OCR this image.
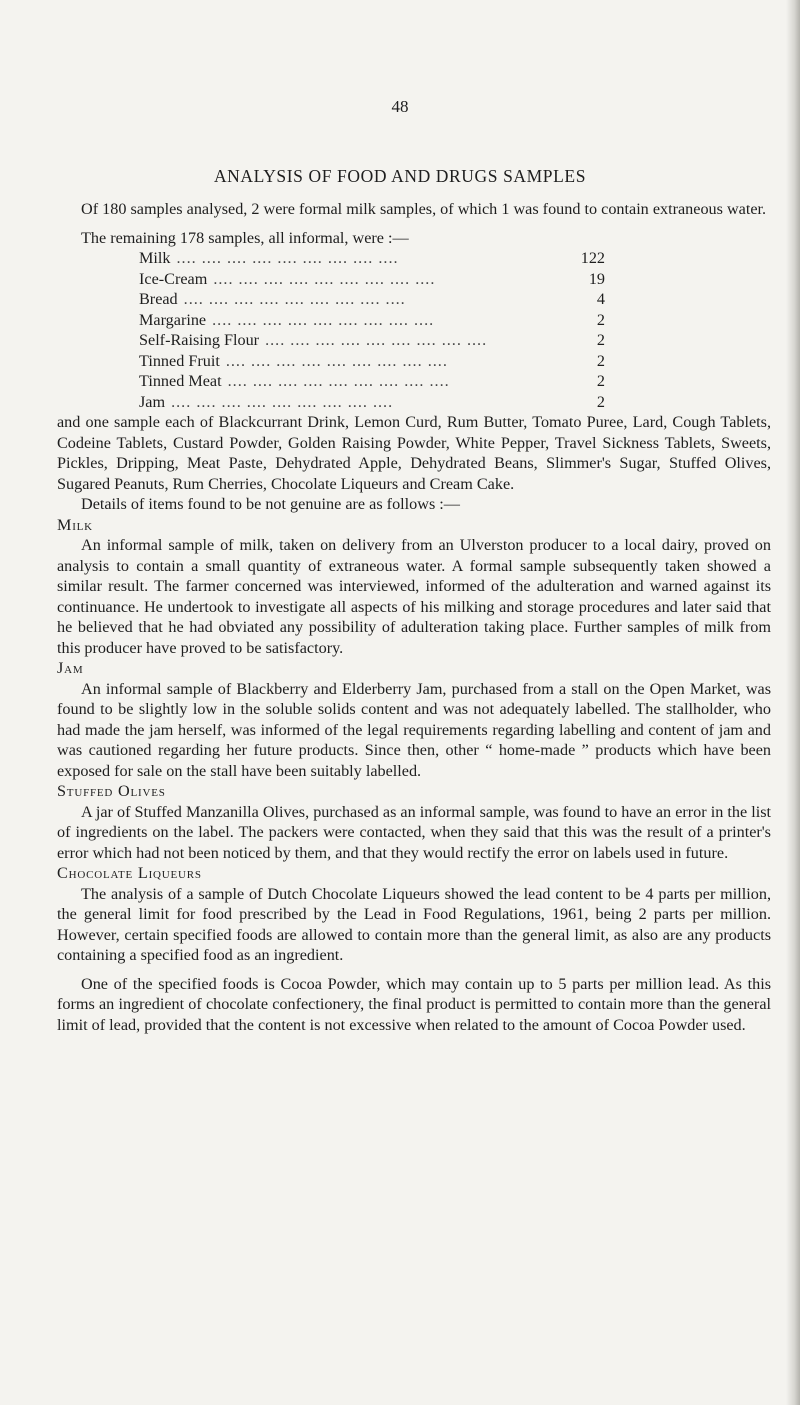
48
ANALYSIS OF FOOD AND DRUGS SAMPLES

Of 180 samples analysed, 2 were formal milk samples, of which 1 was found to contain extraneous water.

The remaining 178 samples, all informal, were :—

Milk .... .... .... .... .... .... .... .... ....	122
Ice-Cream .... .... .... .... .... .... .... .... ....	19
Bread .... .... .... .... .... .... .... .... ....	4
Margarine .... .... .... .... .... .... .... .... ....	2
Self-Raising Flour .... .... .... .... .... .... .... .... ....	2
Tinned Fruit .... .... .... .... .... .... .... .... ....	2
Tinned Meat .... .... .... .... .... .... .... .... ....	2
Jam .... .... .... .... .... .... .... .... ....	2

and one sample each of Blackcurrant Drink, Lemon Curd, Rum Butter, Tomato Puree, Lard, Cough Tablets, Codeine Tablets, Custard Powder, Golden Raising Powder, White Pepper, Travel Sickness Tablets, Sweets, Pickles, Dripping, Meat Paste, Dehydrated Apple, Dehydrated Beans, Slimmer's Sugar, Stuffed Olives, Sugared Peanuts, Rum Cherries, Chocolate Liqueurs and Cream Cake.

Details of items found to be not genuine are as follows :—

Milk

An informal sample of milk, taken on delivery from an Ulverston producer to a local dairy, proved on analysis to contain a small quantity of extraneous water. A formal sample subsequently taken showed a similar result. The farmer concerned was interviewed, informed of the adulteration and warned against its continuance. He undertook to investigate all aspects of his milking and storage procedures and later said that he believed that he had obviated any possibility of adulteration taking place. Further samples of milk from this producer have proved to be satisfactory.

Jam

An informal sample of Blackberry and Elderberry Jam, purchased from a stall on the Open Market, was found to be slightly low in the soluble solids content and was not adequately labelled. The stallholder, who had made the jam herself, was informed of the legal requirements regarding labelling and content of jam and was cautioned regarding her future products. Since then, other “ home-made ” products which have been exposed for sale on the stall have been suitably labelled.

Stuffed Olives

A jar of Stuffed Manzanilla Olives, purchased as an informal sample, was found to have an error in the list of ingredients on the label. The packers were contacted, when they said that this was the result of a printer's error which had not been noticed by them, and that they would rectify the error on labels used in future.

Chocolate Liqueurs

The analysis of a sample of Dutch Chocolate Liqueurs showed the lead content to be 4 parts per million, the general limit for food prescribed by the Lead in Food Regulations, 1961, being 2 parts per million. However, certain specified foods are allowed to contain more than the general limit, as also are any products containing a specified food as an ingredient.

One of the specified foods is Cocoa Powder, which may contain up to 5 parts per million lead. As this forms an ingredient of chocolate confectionery, the final product is permitted to contain more than the general limit of lead, provided that the content is not excessive when related to the amount of Cocoa Powder used.
